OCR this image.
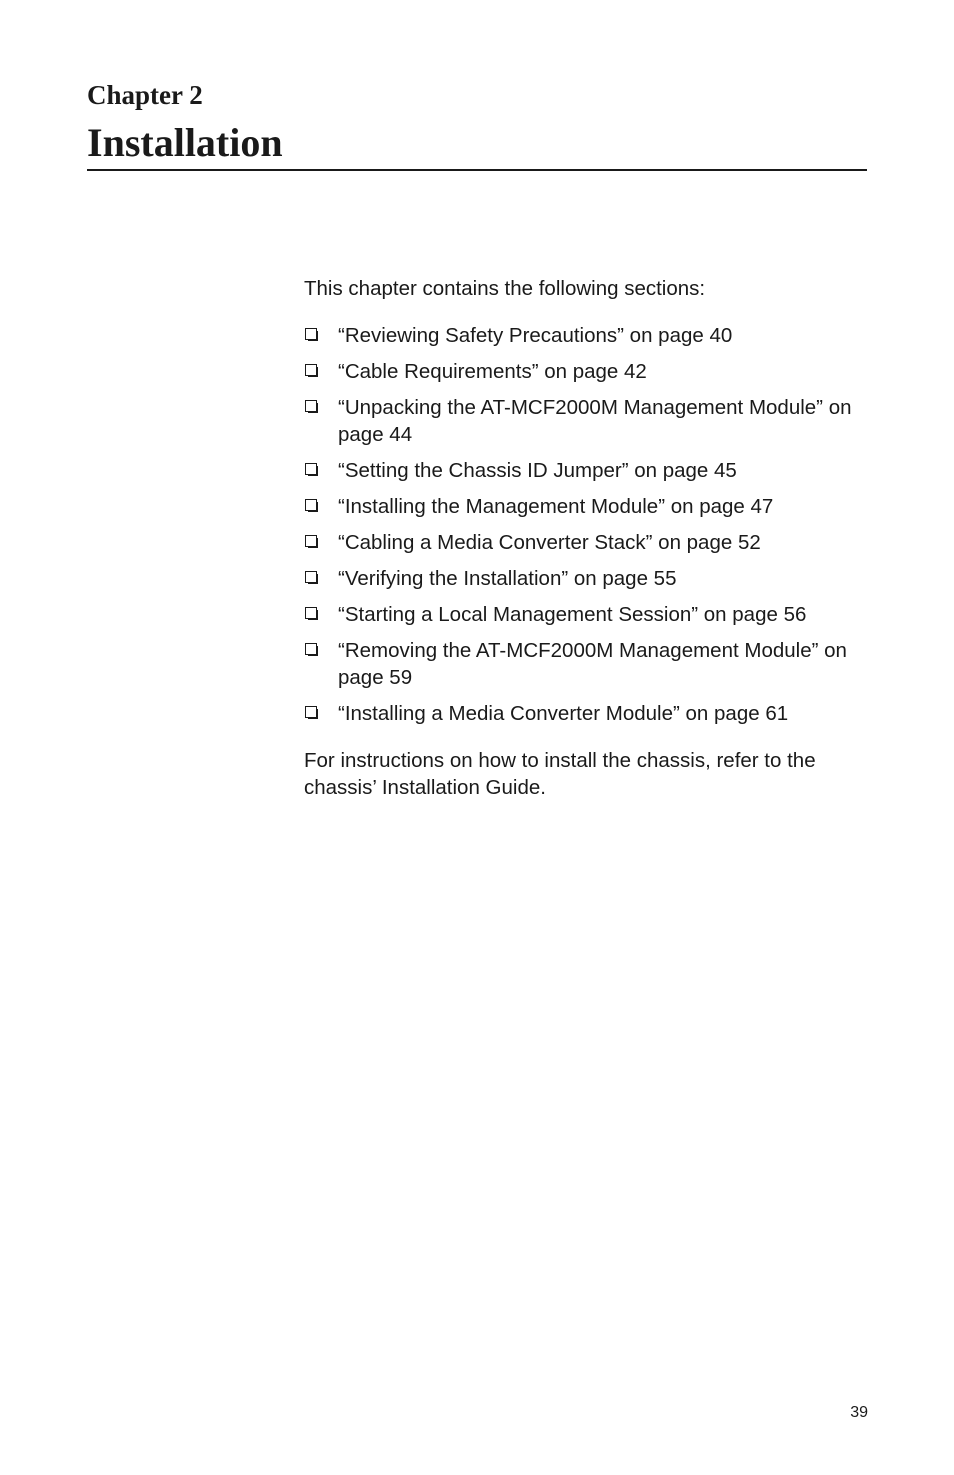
Chapter 2
Installation

This chapter contains the following sections:

“Reviewing Safety Precautions” on page 40
“Cable Requirements” on page 42
“Unpacking the AT-MCF2000M Management Module” on page 44
“Setting the Chassis ID Jumper” on page 45
“Installing the Management Module” on page 47
“Cabling a Media Converter Stack” on page 52
“Verifying the Installation” on page 55
“Starting a Local Management Session” on page 56
“Removing the AT-MCF2000M Management Module” on page 59
“Installing a Media Converter Module” on page 61

For instructions on how to install the chassis, refer to the chassis’ Installation Guide.

39
